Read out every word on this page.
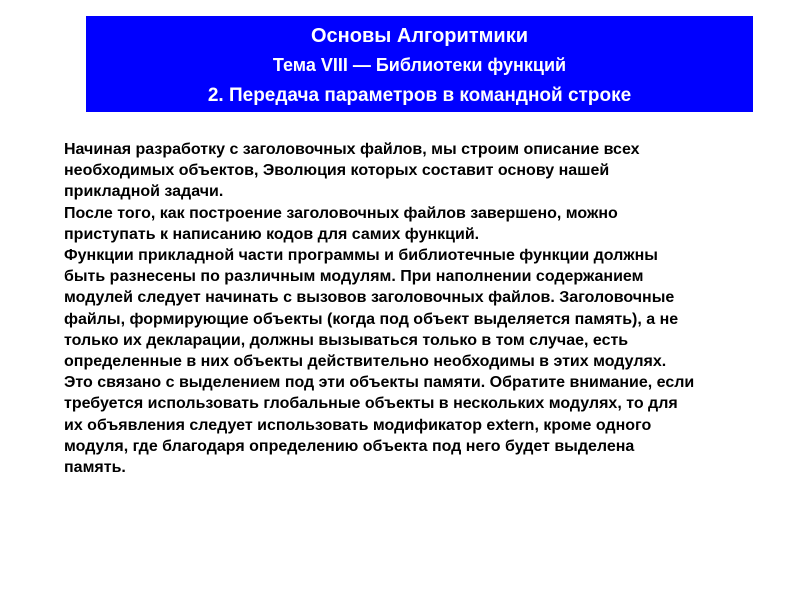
Основы Алгоритмики
Тема VIII — Библиотеки функций
2. Передача параметров в командной строке
Начиная разработку с заголовочных файлов, мы строим описание всех
необходимых объектов, Эволюция которых составит основу нашей
прикладной задачи.
После того, как построение заголовочных файлов завершено, можно
приступать к написанию кодов для самих функций.
Функции прикладной части программы и библиотечные функции должны
быть разнесены по различным модулям. При наполнении содержанием
модулей следует начинать с вызовов заголовочных файлов. Заголовочные
файлы, формирующие объекты (когда под объект выделяется память), а не
только их декларации, должны вызываться только в том случае, есть
определенные в них объекты действительно необходимы в этих модулях.
Это связано с выделением под эти объекты памяти. Обратите внимание, если
требуется использовать глобальные объекты в нескольких модулях, то для
их объявления следует использовать модификатор extern, кроме одного
модуля, где благодаря определению объекта под него будет выделена
память.
